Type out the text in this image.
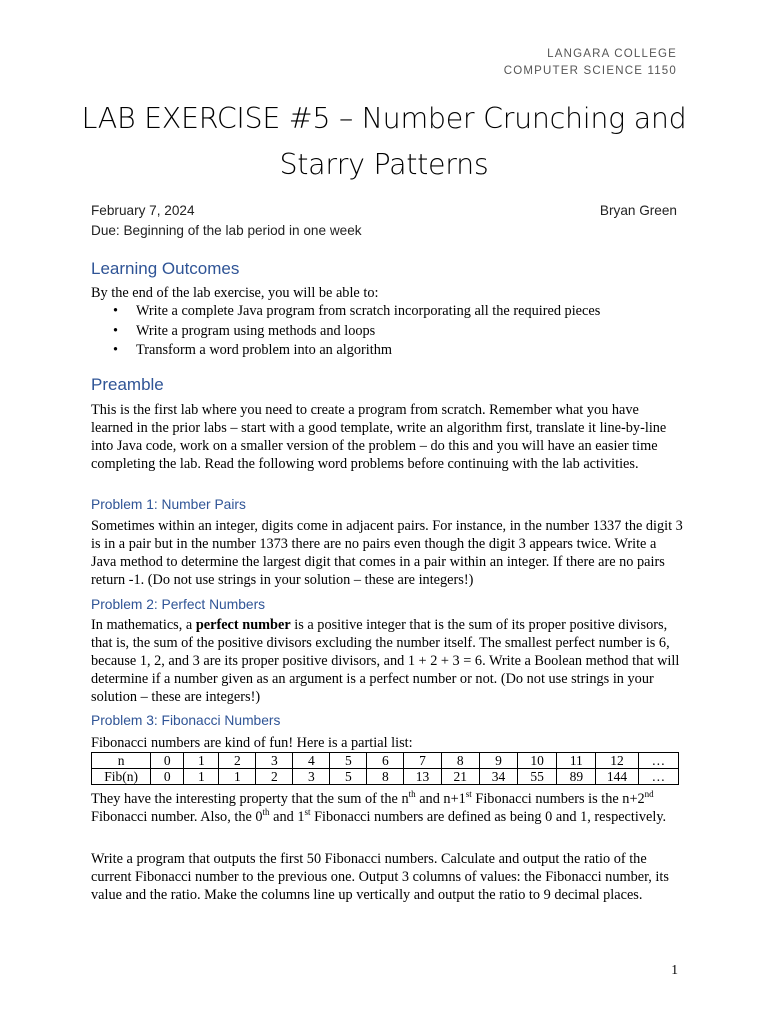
LANGARA COLLEGE
COMPUTER SCIENCE 1150
LAB EXERCISE #5 – Number Crunching and
Starry Patterns
February 7, 2024	Bryan Green
Due: Beginning of the lab period in one week
Learning Outcomes
By the end of the lab exercise, you will be able to:
• Write a complete Java program from scratch incorporating all the required pieces
• Write a program using methods and loops
• Transform a word problem into an algorithm
Preamble
This is the first lab where you need to create a program from scratch. Remember what you have learned in the prior labs – start with a good template, write an algorithm first, translate it line-by-line into Java code, work on a smaller version of the problem – do this and you will have an easier time completing the lab. Read the following word problems before continuing with the lab activities.
Problem 1: Number Pairs
Sometimes within an integer, digits come in adjacent pairs. For instance, in the number 1337 the digit 3 is in a pair but in the number 1373 there are no pairs even though the digit 3 appears twice. Write a Java method to determine the largest digit that comes in a pair within an integer. If there are no pairs return -1. (Do not use strings in your solution – these are integers!)
Problem 2: Perfect Numbers
In mathematics, a perfect number is a positive integer that is the sum of its proper positive divisors, that is, the sum of the positive divisors excluding the number itself. The smallest perfect number is 6, because 1, 2, and 3 are its proper positive divisors, and 1 + 2 + 3 = 6. Write a Boolean method that will determine if a number given as an argument is a perfect number or not. (Do not use strings in your solution – these are integers!)
Problem 3: Fibonacci Numbers
Fibonacci numbers are kind of fun! Here is a partial list:
n	0	1	2	3	4	5	6	7	8	9	10	11	12	…
Fib(n)	0	1	1	2	3	5	8	13	21	34	55	89	144	…
They have the interesting property that the sum of the $n^{th}$ and n+1st Fibonacci numbers is the n+2nd Fibonacci number. Also, the 0th and 1st Fibonacci numbers are defined as being 0 and 1, respectively.
Write a program that outputs the first 50 Fibonacci numbers. Calculate and output the ratio of the current Fibonacci number to the previous one. Output 3 columns of values: the Fibonacci number, its value and the ratio. Make the columns line up vertically and output the ratio to 9 decimal places.
1
